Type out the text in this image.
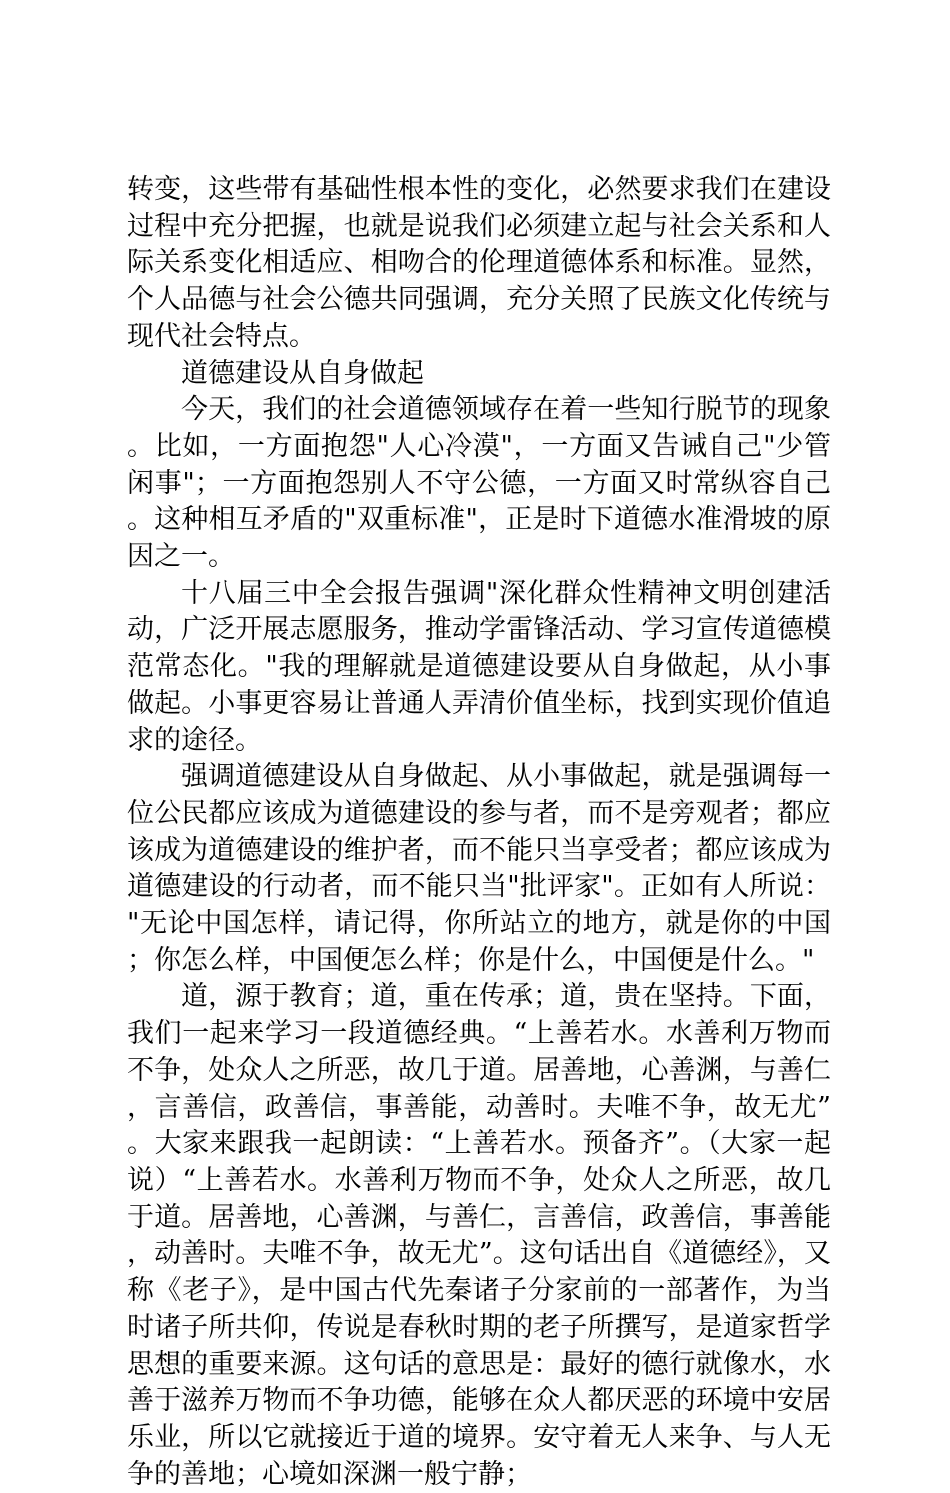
转变，这些带有基础性根本性的变化，必然要求我们在建设过程中充分把握，也就是说我们必须建立起与社会关系和人际关系变化相适应、相吻合的伦理道德体系和标准。显然，个人品德与社会公德共同强调，充分关照了民族文化传统与现代社会特点。

道德建设从自身做起

今天，我们的社会道德领域存在着一些知行脱节的现象。比如，一方面抱怨"人心冷漠"，一方面又告诫自己"少管闲事"；一方面抱怨别人不守公德，一方面又时常纵容自己。这种相互矛盾的"双重标准"，正是时下道德水准滑坡的原因之一。

十八届三中全会报告强调"深化群众性精神文明创建活动，广泛开展志愿服务，推动学雷锋活动、学习宣传道德模范常态化。"我的理解就是道德建设要从自身做起，从小事做起。小事更容易让普通人弄清价值坐标，找到实现价值追求的途径。

强调道德建设从自身做起、从小事做起，就是强调每一位公民都应该成为道德建设的参与者，而不是旁观者；都应该成为道德建设的维护者，而不能只当享受者；都应该成为道德建设的行动者，而不能只当"批评家"。正如有人所说："无论中国怎样，请记得，你所站立的地方，就是你的中国；你怎么样，中国便怎么样；你是什么，中国便是什么。"

道，源于教育；道，重在传承；道，贵在坚持。下面，我们一起来学习一段道德经典。“上善若水。水善利万物而不争，处众人之所恶，故几于道。居善地，心善渊，与善仁，言善信，政善信，事善能，动善时。夫唯不争，故无尤”。大家来跟我一起朗读：“上善若水。预备齐”。（大家一起说）“上善若水。水善利万物而不争，处众人之所恶，故几于道。居善地，心善渊，与善仁，言善信，政善信，事善能，动善时。夫唯不争，故无尤”。这句话出自《道德经》，又称《老子》，是中国古代先秦诸子分家前的一部著作，为当时诸子所共仰，传说是春秋时期的老子所撰写，是道家哲学思想的重要来源。这句话的意思是：最好的德行就像水，水善于滋养万物而不争功德，能够在众人都厌恶的环境中安居乐业，所以它就接近于道的境界。安守着无人来争、与人无争的善地；心境如深渊一般宁静；
